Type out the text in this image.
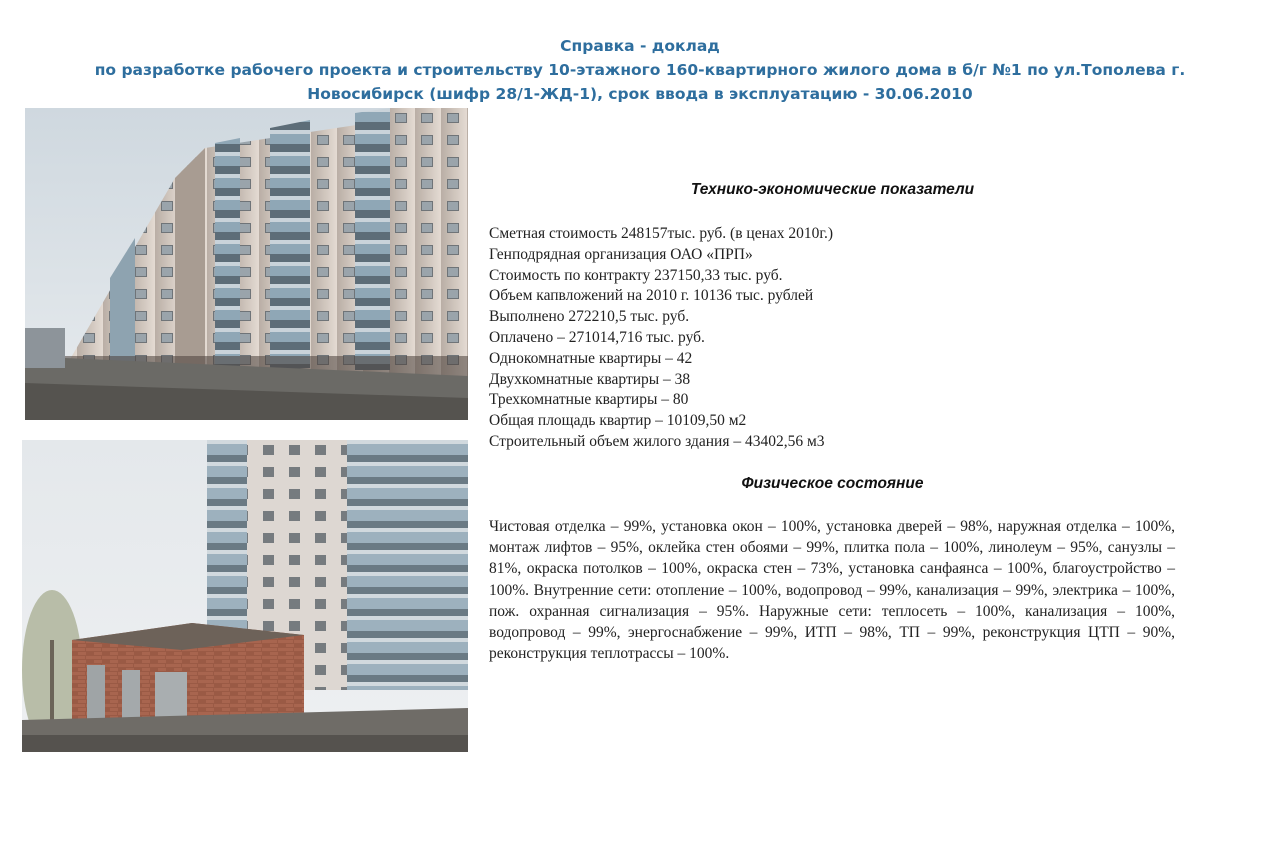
Справка - доклад
по разработке рабочего проекта и строительству 10-этажного 160-квартирного жилого дома в б/г №1 по ул.Тополева г.
Новосибирск (шифр 28/1-ЖД-1), срок ввода в эксплуатацию - 30.06.2010
Технико-экономические показатели
Сметная стоимость 248157тыс. руб. (в ценах 2010г.)
Генподрядная организация ОАО «ПРП»
Стоимость по контракту 237150,33 тыс. руб.
Объем капвложений на 2010 г. 10136 тыс. рублей
Выполнено 272210,5 тыс. руб.
Оплачено – 271014,716 тыс. руб.
Однокомнатные квартиры – 42
Двухкомнатные квартиры – 38
Трехкомнатные квартиры – 80
Общая площадь квартир – 10109,50 м2
Строительный объем жилого здания – 43402,56 м3
Физическое состояние
Чистовая отделка – 99%, установка окон – 100%, установка дверей – 98%, наружная отделка – 100%, монтаж лифтов – 95%, оклейка стен обоями – 99%, плитка пола – 100%, линолеум – 95%, санузлы – 81%, окраска потолков – 100%, окраска стен – 73%, установка санфаянса – 100%, благоустройство – 100%. Внутренние сети: отопление – 100%, водопровод – 99%, канализация – 99%, электрика – 100%, пож. охранная сигнализация – 95%. Наружные сети: теплосеть – 100%, канализация – 100%, водопровод – 99%, энергоснабжение – 99%, ИТП – 98%, ТП – 99%, реконструкция ЦТП – 90%, реконструкция теплотрассы – 100%.
